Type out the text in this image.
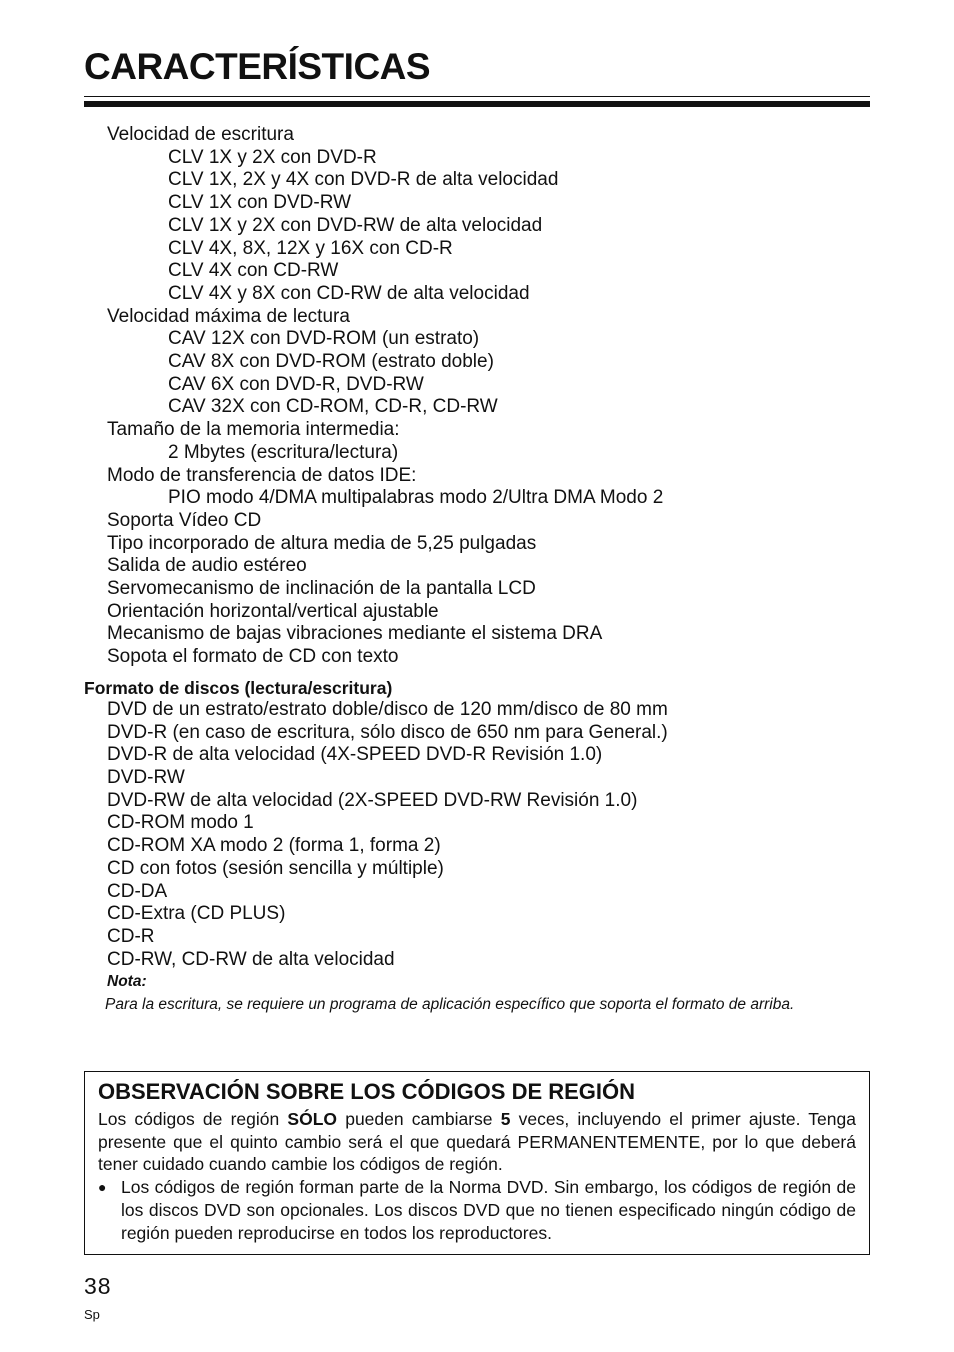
CARACTERÍSTICAS
Velocidad de escritura
CLV 1X y 2X con DVD-R
CLV 1X, 2X y 4X con DVD-R de alta velocidad
CLV 1X con DVD-RW
CLV 1X y 2X con DVD-RW de alta velocidad
CLV 4X, 8X, 12X y 16X con CD-R
CLV 4X con CD-RW
CLV 4X y 8X con CD-RW de alta velocidad
Velocidad máxima de lectura
CAV 12X con DVD-ROM (un estrato)
CAV 8X con DVD-ROM (estrato doble)
CAV 6X con DVD-R, DVD-RW
CAV 32X con CD-ROM, CD-R, CD-RW
Tamaño de la memoria intermedia:
2 Mbytes (escritura/lectura)
Modo de transferencia de datos IDE:
PIO modo 4/DMA multipalabras modo 2/Ultra DMA Modo 2
Soporta Vídeo CD
Tipo incorporado de altura media de 5,25 pulgadas
Salida de audio estéreo
Servomecanismo de inclinación de la pantalla LCD
Orientación horizontal/vertical ajustable
Mecanismo de bajas vibraciones mediante el sistema DRA
Sopota el formato de CD con texto
Formato de discos (lectura/escritura)
DVD de un estrato/estrato doble/disco de 120 mm/disco de 80 mm
DVD-R (en caso de escritura, sólo disco de 650 nm para General.)
DVD-R de alta velocidad (4X-SPEED DVD-R Revisión 1.0)
DVD-RW
DVD-RW de alta velocidad (2X-SPEED DVD-RW Revisión 1.0)
CD-ROM modo 1
CD-ROM XA modo 2 (forma 1, forma 2)
CD con fotos (sesión sencilla y múltiple)
CD-DA
CD-Extra (CD PLUS)
CD-R
CD-RW, CD-RW de alta velocidad
Nota:
Para la escritura, se requiere un programa de aplicación específico que soporta el formato de arriba.
OBSERVACIÓN SOBRE LOS CÓDIGOS DE REGIÓN

Los códigos de región SÓLO pueden cambiarse 5 veces, incluyendo el primer ajuste. Tenga presente que el quinto cambio será el que quedará PERMANENTEMENTE, por lo que deberá tener cuidado cuando cambie los códigos de región.

● Los códigos de región forman parte de la Norma DVD. Sin embargo, los códigos de región de los discos DVD son opcionales. Los discos DVD que no tienen especificado ningún código de región pueden reproducirse en todos los reproductores.
38
Sp
